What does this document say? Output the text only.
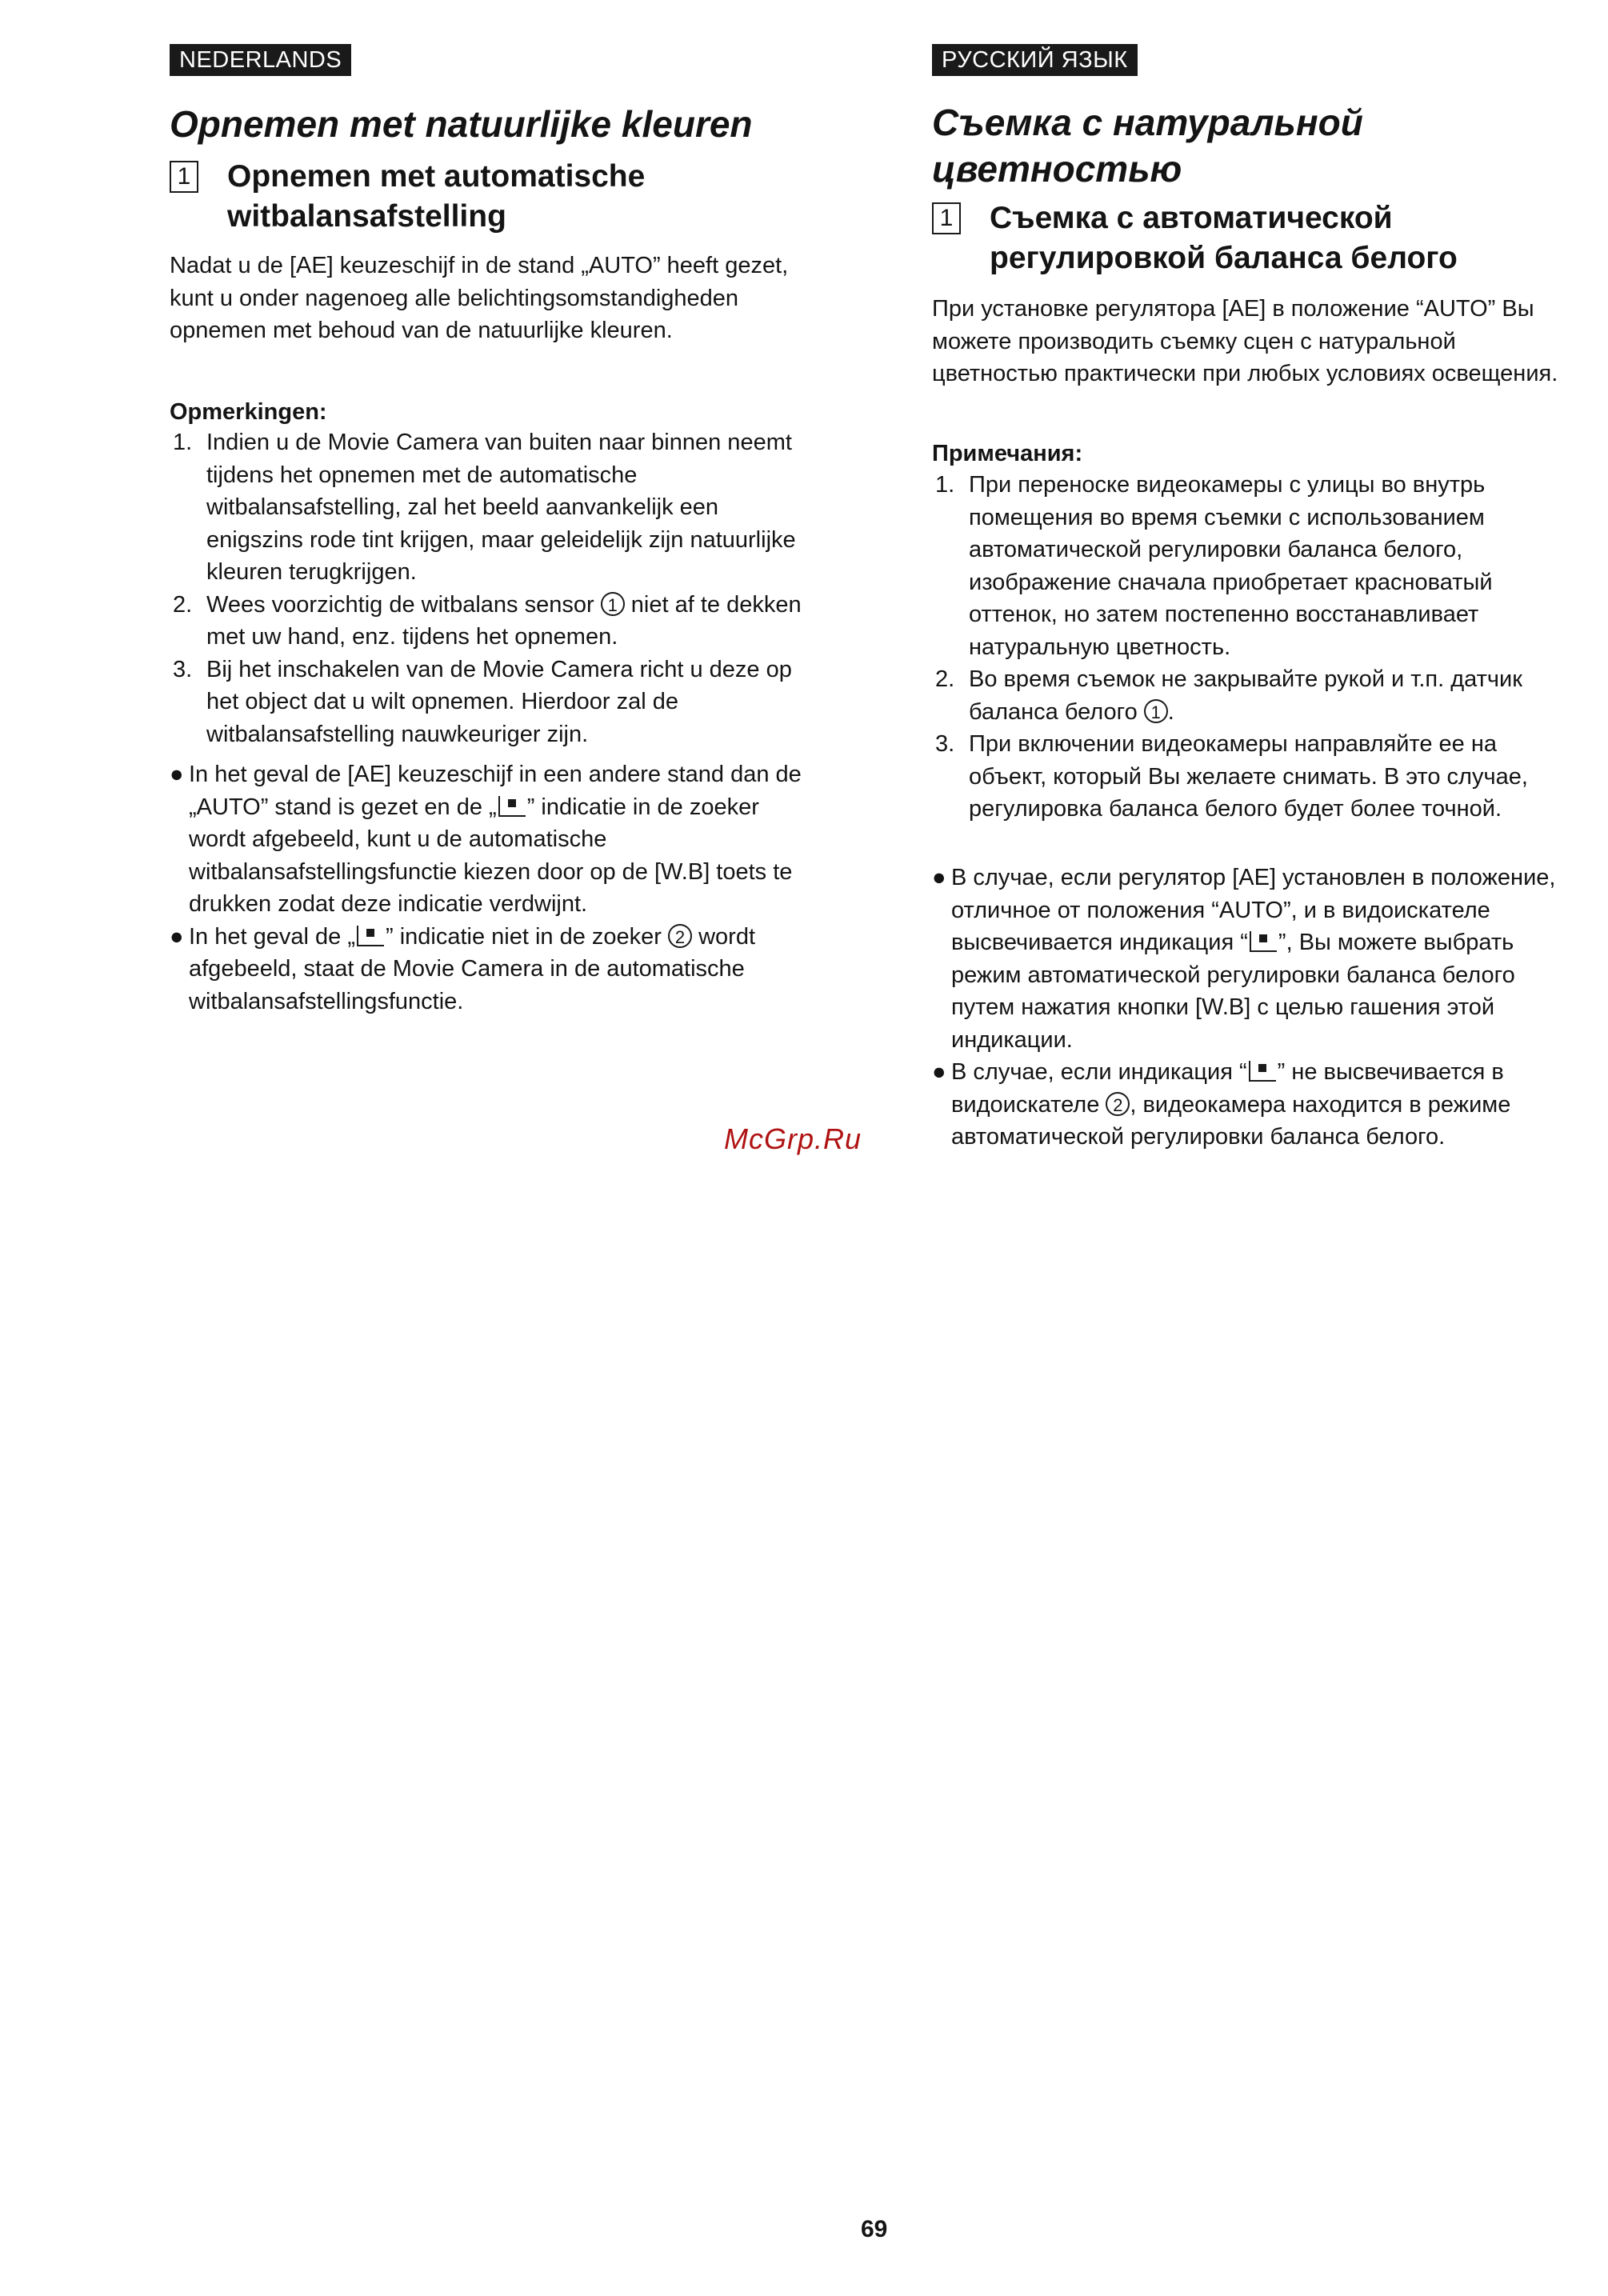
NEDERLANDS
Opnemen met natuurlijke kleuren
1 Opnemen met automatische witbalansafstelling

Nadat u de [AE] keuzeschijf in de stand „AUTO” heeft gezet, kunt u onder nagenoeg alle belichtingsomstandigheden opnemen met behoud van de natuurlijke kleuren.

Opmerkingen:

1. Indien u de Movie Camera van buiten naar binnen neemt tijdens het opnemen met de automatische witbalansafstelling, zal het beeld aanvankelijk een enigszins rode tint krijgen, maar geleidelijk zijn natuurlijke kleuren terugkrijgen.
2. Wees voorzichtig de witbalans sensor 1 niet af te dekken met uw hand, enz. tijdens het opnemen.
3. Bij het inschakelen van de Movie Camera richt u deze op het object dat u wilt opnemen. Hierdoor zal de witbalansafstelling nauwkeuriger zijn.
● In het geval de [AE] keuzeschijf in een andere stand dan de „AUTO” stand is gezet en de „ ” indicatie in de zoeker wordt afgebeeld, kunt u de automatische witbalansafstellingsfunctie kiezen door op de [W.B] toets te drukken zodat deze indicatie verdwijnt.
● In het geval de „ ” indicatie niet in de zoeker 2 wordt afgebeeld, staat de Movie Camera in de automatische witbalansafstellingsfunctie.
РУССКИЙ ЯЗЫК
Съемка с натуральной цветностью
1 Съемка с автоматической регулировкой баланса белого

При установке регулятора [AE] в положение “AUTO” Вы можете производить съемку сцен с натуральной цветностью практически при любых условиях освещения.

Примечания:

1. При переноске видеокамеры с улицы во внутрь помещения во время съемки с использованием автоматической регулировки баланса белого, изображение сначала приобретает красноватый оттенок, но затем постепенно восстанавливает натуральную цветность.
2. Во время съемок не закрывайте рукой и т.п. датчик баланса белого 1 .
3. При включении видеокамеры направляйте ее на объект, который Вы желаете снимать. В это случае, регулировка баланса белого будет более точной.
● В случае, если регулятор [AE] установлен в положение, отличное от положения “AUTO”, и в видоискателе высвечивается индикация “ ”, Вы можете выбрать режим автоматической регулировки баланса белого путем нажатия кнопки [W.B] с целью гашения этой индикации.
● В случае, если индикация “ ” не высвечивается в видоискателе 2 , видеокамера находится в режиме автоматической регулировки баланса белого.
McGrp.Ru
69
